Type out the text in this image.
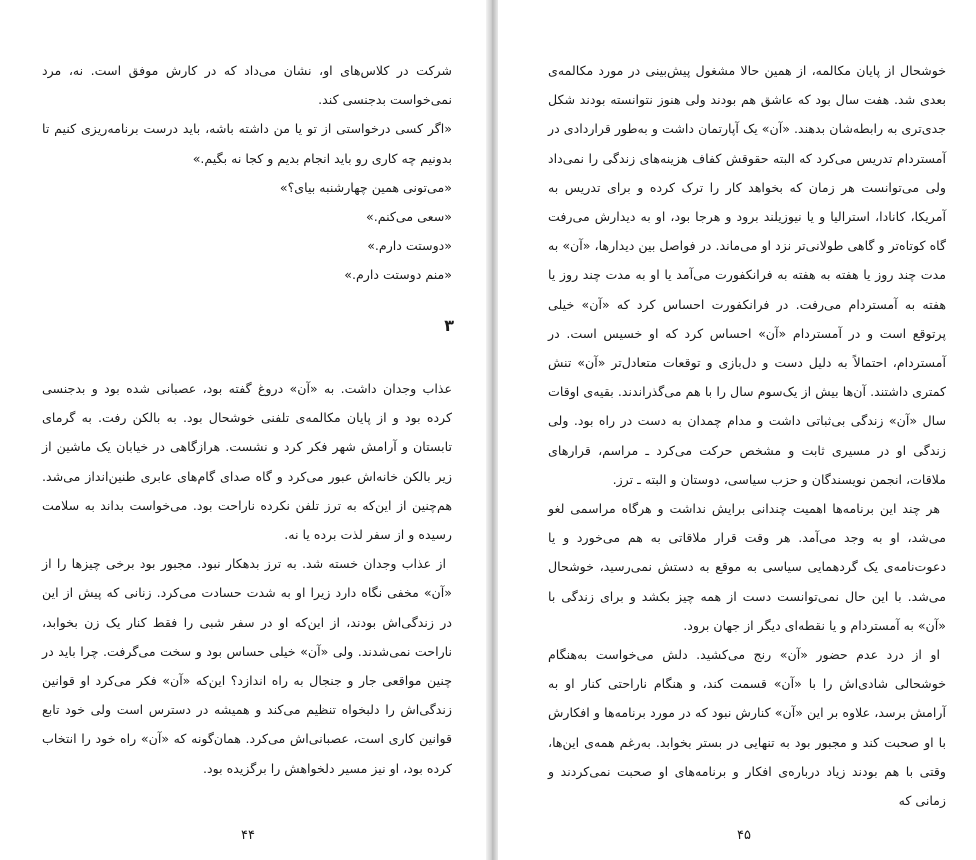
شرکت در کلاس‌های او، نشان می‌داد که در کارش موفق است. نه، مرد نمی‌خواست بدجنسی کند.

«اگر کسی درخواستی از تو یا من داشته باشه، باید درست برنامه‌ریزی کنیم تا بدونیم چه کاری رو باید انجام بدیم و کجا نه بگیم.»

«می‌تونی همین چهارشنبه بیای؟»

«سعی می‌کنم.»

«دوستت دارم.»

«منم دوستت دارم.»

۳

عذاب وجدان داشت. به «آن» دروغ گفته بود، عصبانی شده بود و بدجنسی کرده بود و از پایان مکالمه‌ی تلفنی خوشحال بود. به بالکن رفت. به گرمای تابستان و آرامش شهر فکر کرد و نشست. هرازگاهی در خیابان یک ماشین از زیر بالکن خانه‌اش عبور می‌کرد و گاه صدای گام‌های عابری طنین‌انداز می‌شد. هم‌چنین از این‌که به ترز تلفن نکرده ناراحت بود. می‌خواست بداند به سلامت رسیده و از سفر لذت برده یا نه.

از عذاب وجدان خسته شد. به ترز بدهکار نبود. مجبور بود برخی چیزها را از «آن» مخفی نگاه دارد زیرا او به شدت حسادت می‌کرد. زنانی که پیش از این در زندگی‌اش بودند، از این‌که او در سفر شبی را فقط کنار یک زن بخوابد، ناراحت نمی‌شدند. ولی «آن» خیلی حساس بود و سخت می‌گرفت. چرا باید در چنین مواقعی جار و جنجال به راه اندازد؟ این‌که «آن» فکر می‌کرد او قوانین زندگی‌اش را دلبخواه تنظیم می‌کند و همیشه در دسترس است ولی خود تابع قوانین کاری است، عصبانی‌اش می‌کرد. همان‌گونه که «آن» راه خود را انتخاب کرده بود، او نیز مسیر دلخواهش را برگزیده بود.

۴۴

خوشحال از پایان مکالمه، از همین حالا مشغول پیش‌بینی در مورد مکالمه‌ی بعدی شد. هفت سال بود که عاشق هم بودند ولی هنوز نتوانسته بودند شکل جدی‌تری به رابطه‌شان بدهند. «آن» یک آپارتمان داشت و به‌طور قراردادی در آمستردام تدریس می‌کرد که البته حقوقش کفاف هزینه‌های زندگی را نمی‌داد ولی می‌توانست هر زمان که بخواهد کار را ترک کرده و برای تدریس به آمریکا، کانادا، استرالیا و یا نیوزیلند برود و هرجا بود، او به دیدارش می‌رفت گاه کوتاه‌تر و گاهی طولانی‌تر نزد او می‌ماند. در فواصل بین دیدارها، «آن» به مدت چند روز یا هفته به هفته به فرانکفورت می‌آمد یا او به مدت چند روز یا هفته به آمستردام می‌رفت. در فرانکفورت احساس کرد که «آن» خیلی پرتوقع است و در آمستردام «آن» احساس کرد که او خسیس است. در آمستردام، احتمالاً به دلیل دست و دل‌بازی و توقعات متعادل‌تر «آن» تنش کمتری داشتند. آن‌ها بیش از یک‌سوم سال را با هم می‌گذراندند. بقیه‌ی اوقات سال «آن» زندگی بی‌ثباتی داشت و مدام چمدان به دست در راه بود. ولی زندگی او در مسیری ثابت و مشخص حرکت می‌کرد ـ مراسم، قرارهای ملاقات، انجمن نویسندگان و حزب سیاسی، دوستان و البته ـ ترز.

هر چند این برنامه‌ها اهمیت چندانی برایش نداشت و هرگاه مراسمی لغو می‌شد، او به وجد می‌آمد. هر وقت قرار ملاقاتی به هم می‌خورد و یا دعوت‌نامه‌ی یک گردهمایی سیاسی به موقع به دستش نمی‌رسید، خوشحال می‌شد. با این حال نمی‌توانست دست از همه چیز بکشد و برای زندگی با «آن» به آمستردام و یا نقطه‌ای دیگر از جهان برود.

او از درد عدم حضور «آن» رنج می‌کشید. دلش می‌خواست به‌هنگام خوشحالی شادی‌اش را با «آن» قسمت کند، و هنگام ناراحتی کنار او به آرامش برسد، علاوه بر این «آن» کنارش نبود که در مورد برنامه‌ها و افکارش با او صحبت کند و مجبور بود به تنهایی در بستر بخوابد. به‌رغم همه‌ی این‌ها، وقتی با هم بودند زیاد درباره‌ی افکار و برنامه‌های او صحبت نمی‌کردند و زمانی که

۴۵
